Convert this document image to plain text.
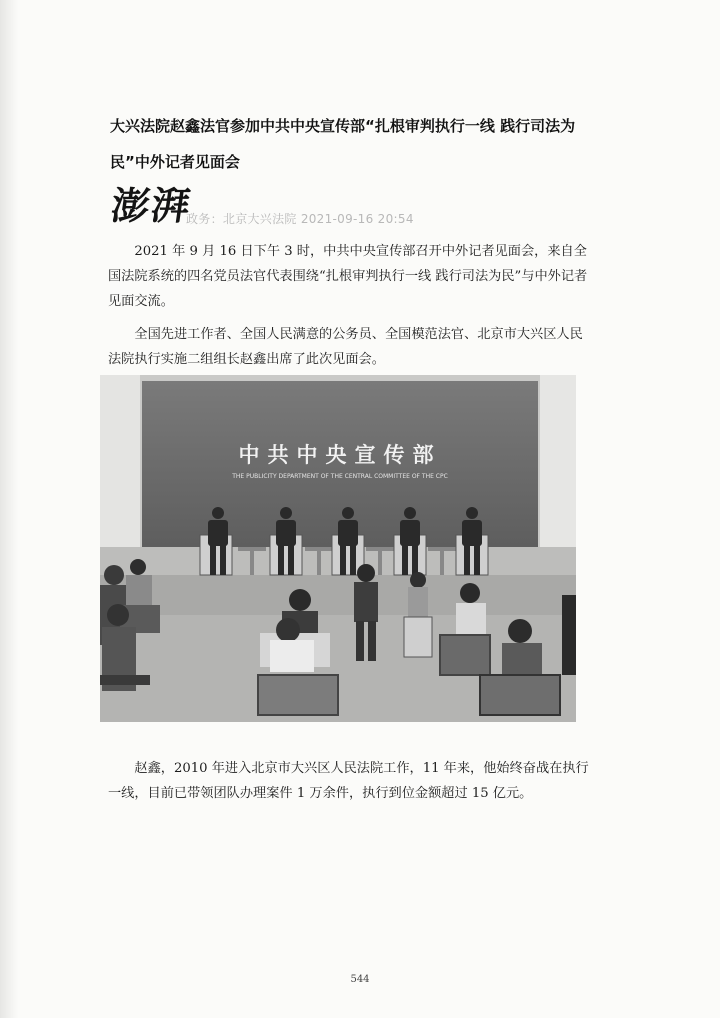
大兴法院赵鑫法官参加中共中央宣传部“扎根审判执行一线 践行司法为民”中外记者见面会
澎湃
政务：北京大兴法院 2021-09-16 20:54

2021 年 9 月 16 日下午 3 时，中共中央宣传部召开中外记者见面会，来自全国法院系统的四名党员法官代表围绕“扎根审判执行一线 践行司法为民”与中外记者见面交流。

全国先进工作者、全国人民满意的公务员、全国模范法官、北京市大兴区人民法院执行实施二组组长赵鑫出席了此次见面会。

中共中央宣传部
THE PUBLICITY DEPARTMENT OF THE CENTRAL COMMITTEE OF THE CPC

赵鑫，2010 年进入北京市大兴区人民法院工作，11 年来，他始终奋战在执行一线，目前已带领团队办理案件 1 万余件，执行到位金额超过 15 亿元。

544
